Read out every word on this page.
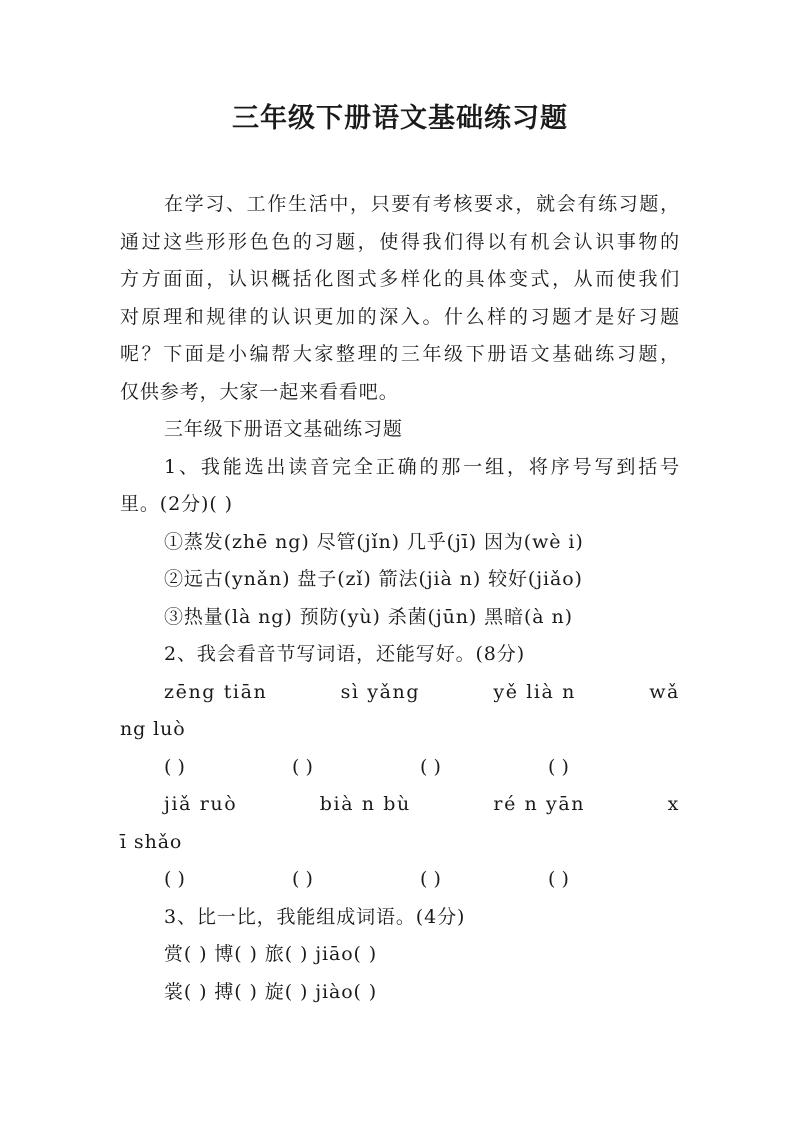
三年级下册语文基础练习题
在学习、工作生活中，只要有考核要求，就会有练习题，
通过这些形形色色的习题，使得我们得以有机会认识事物的
方方面面，认识概括化图式多样化的具体变式，从而使我们
对原理和规律的认识更加的深入。什么样的习题才是好习题
呢？下面是小编帮大家整理的三年级下册语文基础练习题，
仅供参考，大家一起来看看吧。
三年级下册语文基础练习题
1、我能选出读音完全正确的那一组，将序号写到括号
里。(2分)( )
①蒸发(zhē ng) 尽管(jǐn) 几乎(jī) 因为(wè i)
②远古(ynǎn) 盘子(zǐ) 箭法(jià n) 较好(jiǎo)
③热量(là ng) 预防(yù) 杀菌(jūn) 黑暗(à n)
2、我会看音节写词语，还能写好。(8分)
zēng tiān	sì yǎng	yě lià n	wǎ
ng luò
( )	( )	( )	( )
jiǎ ruò	bià n bù	ré n yān	x
ī shǎo
( )	( )	( )	( )
3、比一比，我能组成词语。(4分)
赏( ) 博( ) 旅( ) jiāo( )
裳( ) 搏( ) 旋( ) jiào( )
